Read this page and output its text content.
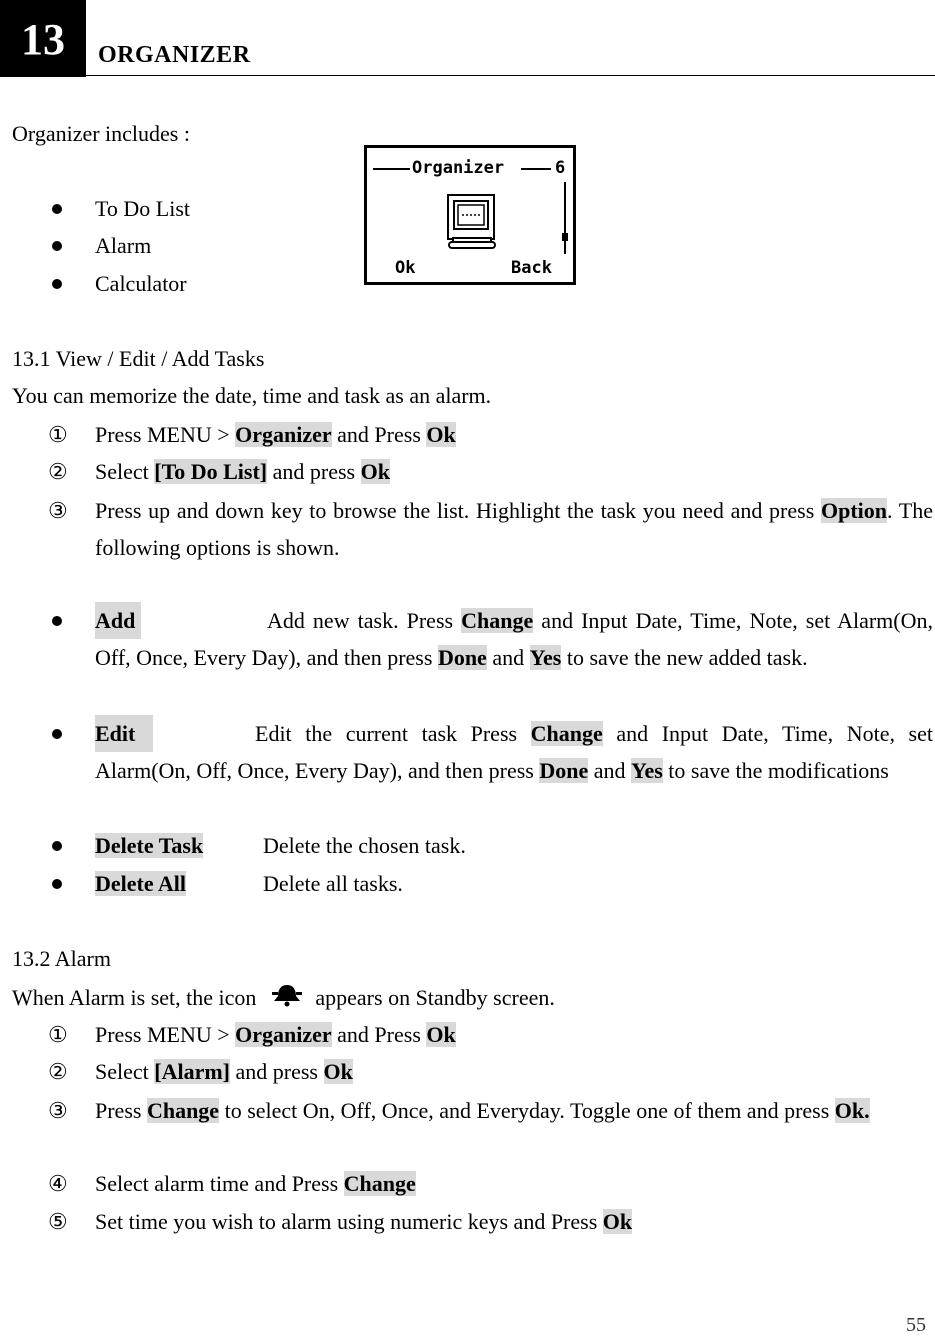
13	ORGANIZER
Organizer includes :
To Do List
Alarm
Calculator
Organizer	6
Ok	Back
13.1 View / Edit / Add Tasks
You can memorize the date, time and task as an alarm.
①	Press MENU > Organizer and Press Ok
②	Select [To Do List] and press Ok
③	Press up and down key to browse the list. Highlight the task you need and press Option. The following options is shown.
Add	Add new task. Press Change and Input Date, Time, Note, set Alarm(On, Off, Once, Every Day), and then press Done and Yes to save the new added task.
Edit	Edit the current task Press Change and Input Date, Time, Note, set Alarm(On, Off, Once, Every Day), and then press Done and Yes to save the modifications
Delete Task	Delete the chosen task.
Delete All	Delete all tasks.
13.2 Alarm
When Alarm is set, the icon	appears on Standby screen.
①	Press MENU > Organizer and Press Ok
②	Select [Alarm] and press Ok
③	Press Change to select On, Off, Once, and Everyday. Toggle one of them and press Ok.
④	Select alarm time and Press Change
⑤	Set time you wish to alarm using numeric keys and Press Ok
55
